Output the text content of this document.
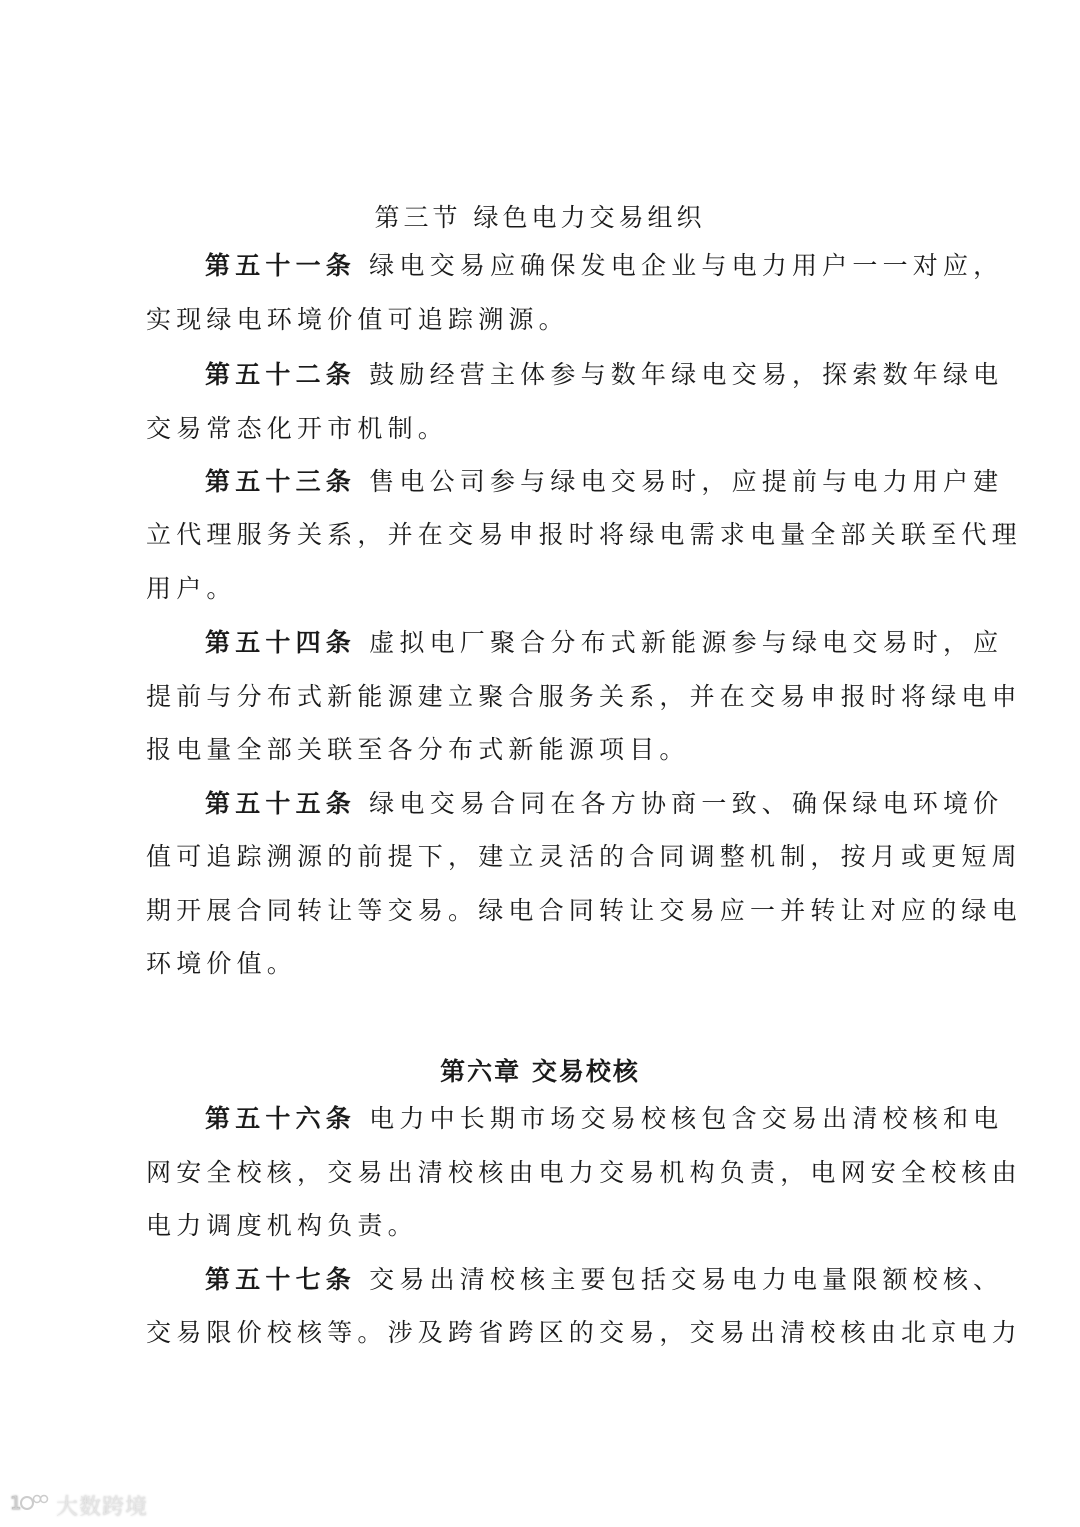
第三节 绿色电力交易组织
第五十一条 绿电交易应确保发电企业与电力用户一一对应，
实现绿电环境价值可追踪溯源。
第五十二条 鼓励经营主体参与数年绿电交易，探索数年绿电
交易常态化开市机制。
第五十三条 售电公司参与绿电交易时，应提前与电力用户建
立代理服务关系，并在交易申报时将绿电需求电量全部关联至代理
用户。
第五十四条 虚拟电厂聚合分布式新能源参与绿电交易时，应
提前与分布式新能源建立聚合服务关系，并在交易申报时将绿电申
报电量全部关联至各分布式新能源项目。
第五十五条 绿电交易合同在各方协商一致、确保绿电环境价
值可追踪溯源的前提下，建立灵活的合同调整机制，按月或更短周
期开展合同转让等交易。绿电合同转让交易应一并转让对应的绿电
环境价值。
第六章 交易校核
第五十六条 电力中长期市场交易校核包含交易出清校核和电
网安全校核，交易出清校核由电力交易机构负责，电网安全校核由
电力调度机构负责。
第五十七条 交易出清校核主要包括交易电力电量限额校核、
交易限价校核等。涉及跨省跨区的交易，交易出清校核由北京电力
1 大数跨境
